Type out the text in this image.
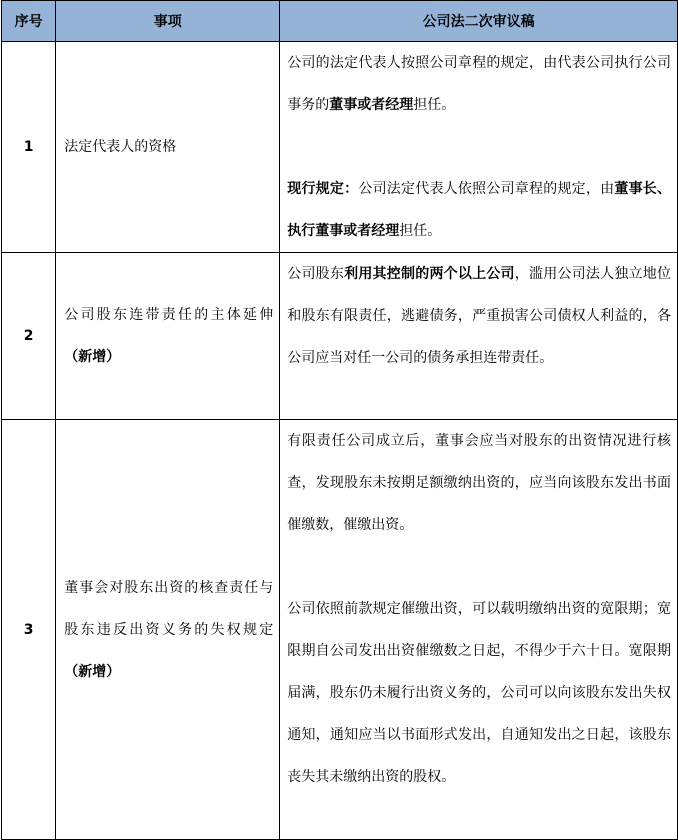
序号	事项	公司法二次审议稿
1	法定代表人的资格	公司的法定代表人按照公司章程的规定，由代表公司执行公司事务的董事或者经理担任。

现行规定：公司法定代表人依照公司章程的规定，由董事长、执行董事或者经理担任。

2	公司股东连带责任的主体延伸（新增）	公司股东利用其控制的两个以上公司，滥用公司法人独立地位和股东有限责任，逃避债务，严重损害公司债权人利益的，各公司应当对任一公司的债务承担连带责任。

3	董事会对股东出资的核查责任与股东违反出资义务的失权规定（新增）	有限责任公司成立后，董事会应当对股东的出资情况进行核查，发现股东未按期足额缴纳出资的，应当向该股东发出书面催缴数，催缴出资。

公司依照前款规定催缴出资，可以载明缴纳出资的宽限期；宽限期自公司发出出资催缴数之日起，不得少于六十日。宽限期届满，股东仍未履行出资义务的，公司可以向该股东发出失权通知，通知应当以书面形式发出，自通知发出之日起，该股东丧失其未缴纳出资的股权。
